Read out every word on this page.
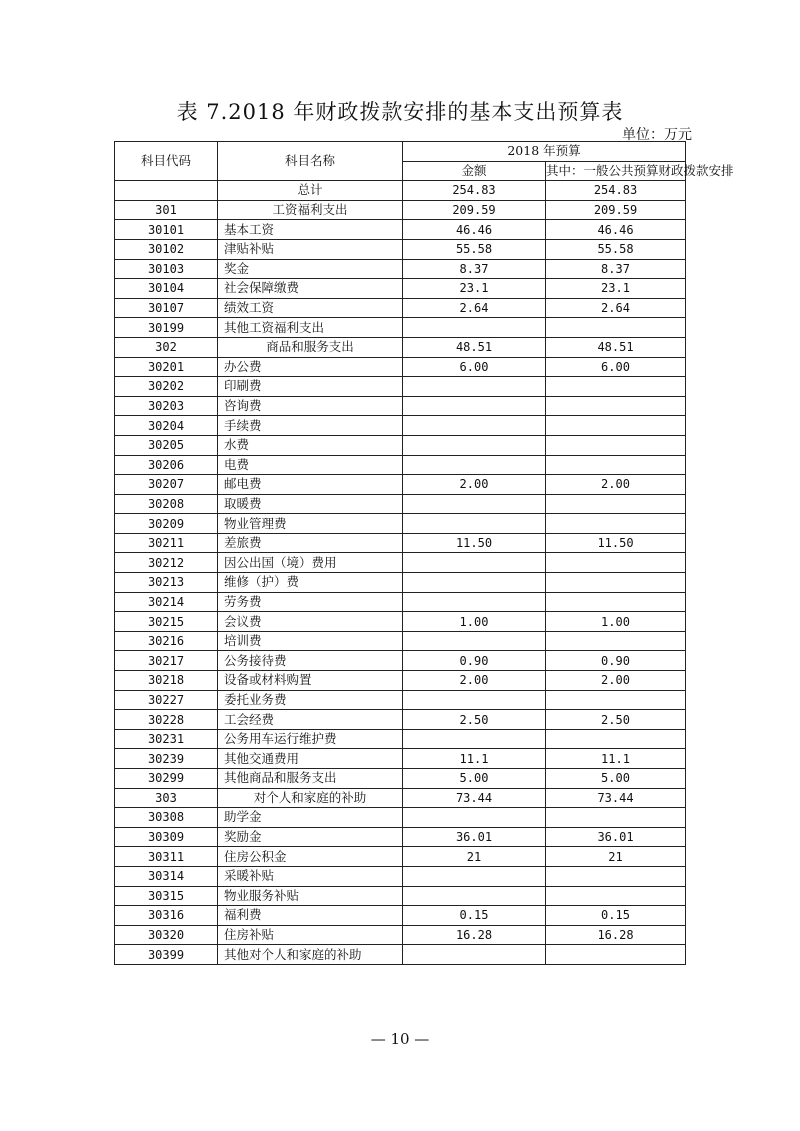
表 7.2018 年财政拨款安排的基本支出预算表
单位：万元
科目代码	科目名称	2018 年预算	
		金额	其中：一般公共预算财政拨款安排
	总计	254.83	254.83
301	工资福利支出	209.59	209.59
30101	基本工资	46.46	46.46
30102	津贴补贴	55.58	55.58
30103	奖金	8.37	8.37
30104	社会保障缴费	23.1	23.1
30107	绩效工资	2.64	2.64
30199	其他工资福利支出		
302	商品和服务支出	48.51	48.51
30201	办公费	6.00	6.00
30202	印刷费		
30203	咨询费		
30204	手续费		
30205	水费		
30206	电费		
30207	邮电费	2.00	2.00
30208	取暖费		
30209	物业管理费		
30211	差旅费	11.50	11.50
30212	因公出国（境）费用		
30213	维修（护）费		
30214	劳务费		
30215	会议费	1.00	1.00
30216	培训费		
30217	公务接待费	0.90	0.90
30218	设备或材料购置	2.00	2.00
30227	委托业务费		
30228	工会经费	2.50	2.50
30231	公务用车运行维护费		
30239	其他交通费用	11.1	11.1
30299	其他商品和服务支出	5.00	5.00
303	对个人和家庭的补助	73.44	73.44
30308	助学金		
30309	奖励金	36.01	36.01
30311	住房公积金	21	21
30314	采暖补贴		
30315	物业服务补贴		
30316	福利费	0.15	0.15
30320	住房补贴	16.28	16.28
30399	其他对个人和家庭的补助		
— 10 —
